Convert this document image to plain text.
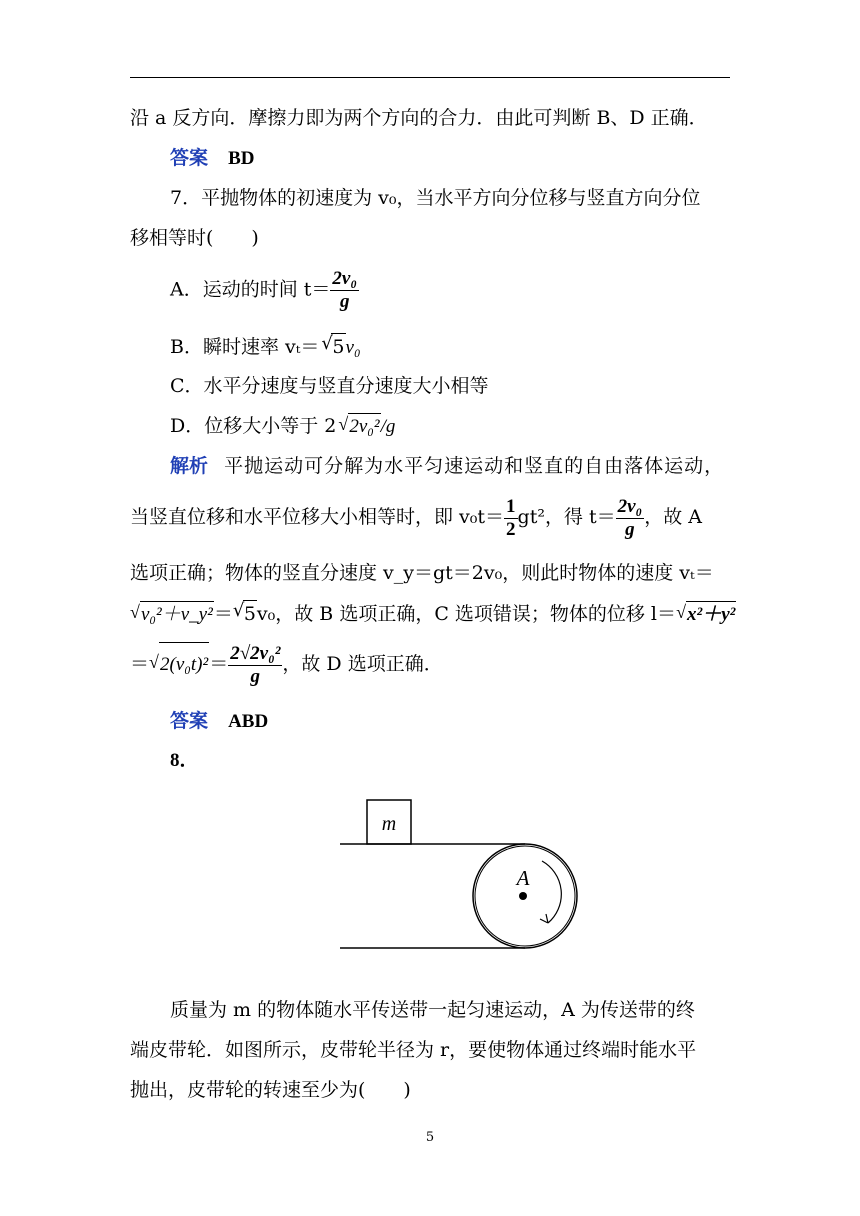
沿 a 反方向．摩擦力即为两个方向的合力．由此可判断 B、D 正确．
答案 BD
7．平抛物体的初速度为 v₀，当水平方向分位移与竖直方向分位
移相等时(　　)
A．运动的时间 $t= \frac{\text{2v₀}}{g}$
B．瞬时速率 vₜ＝ √ 5v₀
C．水平分速度与竖直分速度大小相等
D．位移大小等于 2 √ 2v₀²/g
解析 平抛运动可分解为水平匀速运动和竖直的自由落体运动，
当竖直位移和水平位移大小相等时，即 $v_0t= \frac{1}{2} gt^2$，得 $t= \frac{\text{2v₀}}{g}$ ，故 A
选项正确；物体的竖直分速度 v_y＝gt＝2v₀，则此时物体的速度 vₜ＝
√ v₀²＋v_y²＝ √ 5v₀，故 B 选项正确，C 选项错误；物体的位移 l＝ √ x²＋y²
＝ √ $2(v_0t)^2= \frac{\text{2√2v₀²}}{g}$ ，故 D 选项正确．
答案 ABD
8．
m
A
质量为 m 的物体随水平传送带一起匀速运动，A 为传送带的终
端皮带轮．如图所示，皮带轮半径为 r，要使物体通过终端时能水平
抛出，皮带轮的转速至少为(　　)
5
